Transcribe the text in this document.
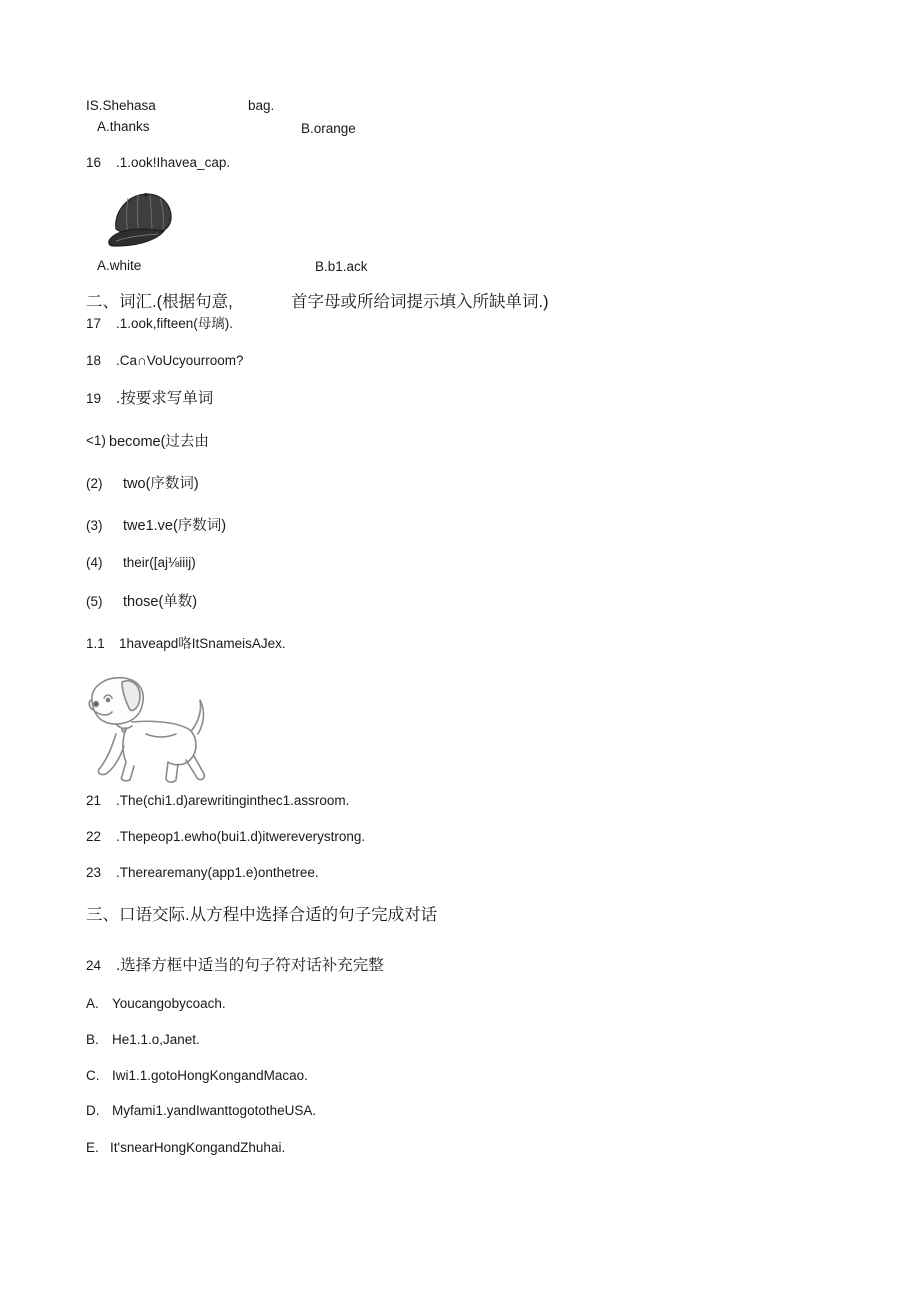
IS.Shehasa	bag.
A.thanks	B.orange
16 .1.ook!Ihavea_cap.
A.white	B.b1.ack
二、词汇.(根据句意,	首字母或所给词提示填入所缺单词.)
17 .1.ook,fifteen(母璃).
18 .Ca∩VoUcyourroom?
19 .按要求写单词
<1) become(过去由
(2) two(序数词)
(3) twe1.ve(序数词)
(4) their([aj⅛iiij)
(5) those(单数)
1.1 1haveapd咯ItSnameisAJex.
21 .The(chi1.d)arewritinginthec1.assroom.
22 .Thepeop1.ewho(bui1.d)itwereverystrong.
23 .Therearemany(app1.e)onthetree.
三、口语交际.从方程中选择合适的句子完成对话
24 .选择方框中适当的句子符对话补充完整
A. Youcangobycoach.
B. He1.1.o,Janet.
C. Iwi1.1.gotoHongKongandMacao.
D. Myfami1.yandIwanttogototheUSA.
E. It'snearHongKongandZhuhai.
